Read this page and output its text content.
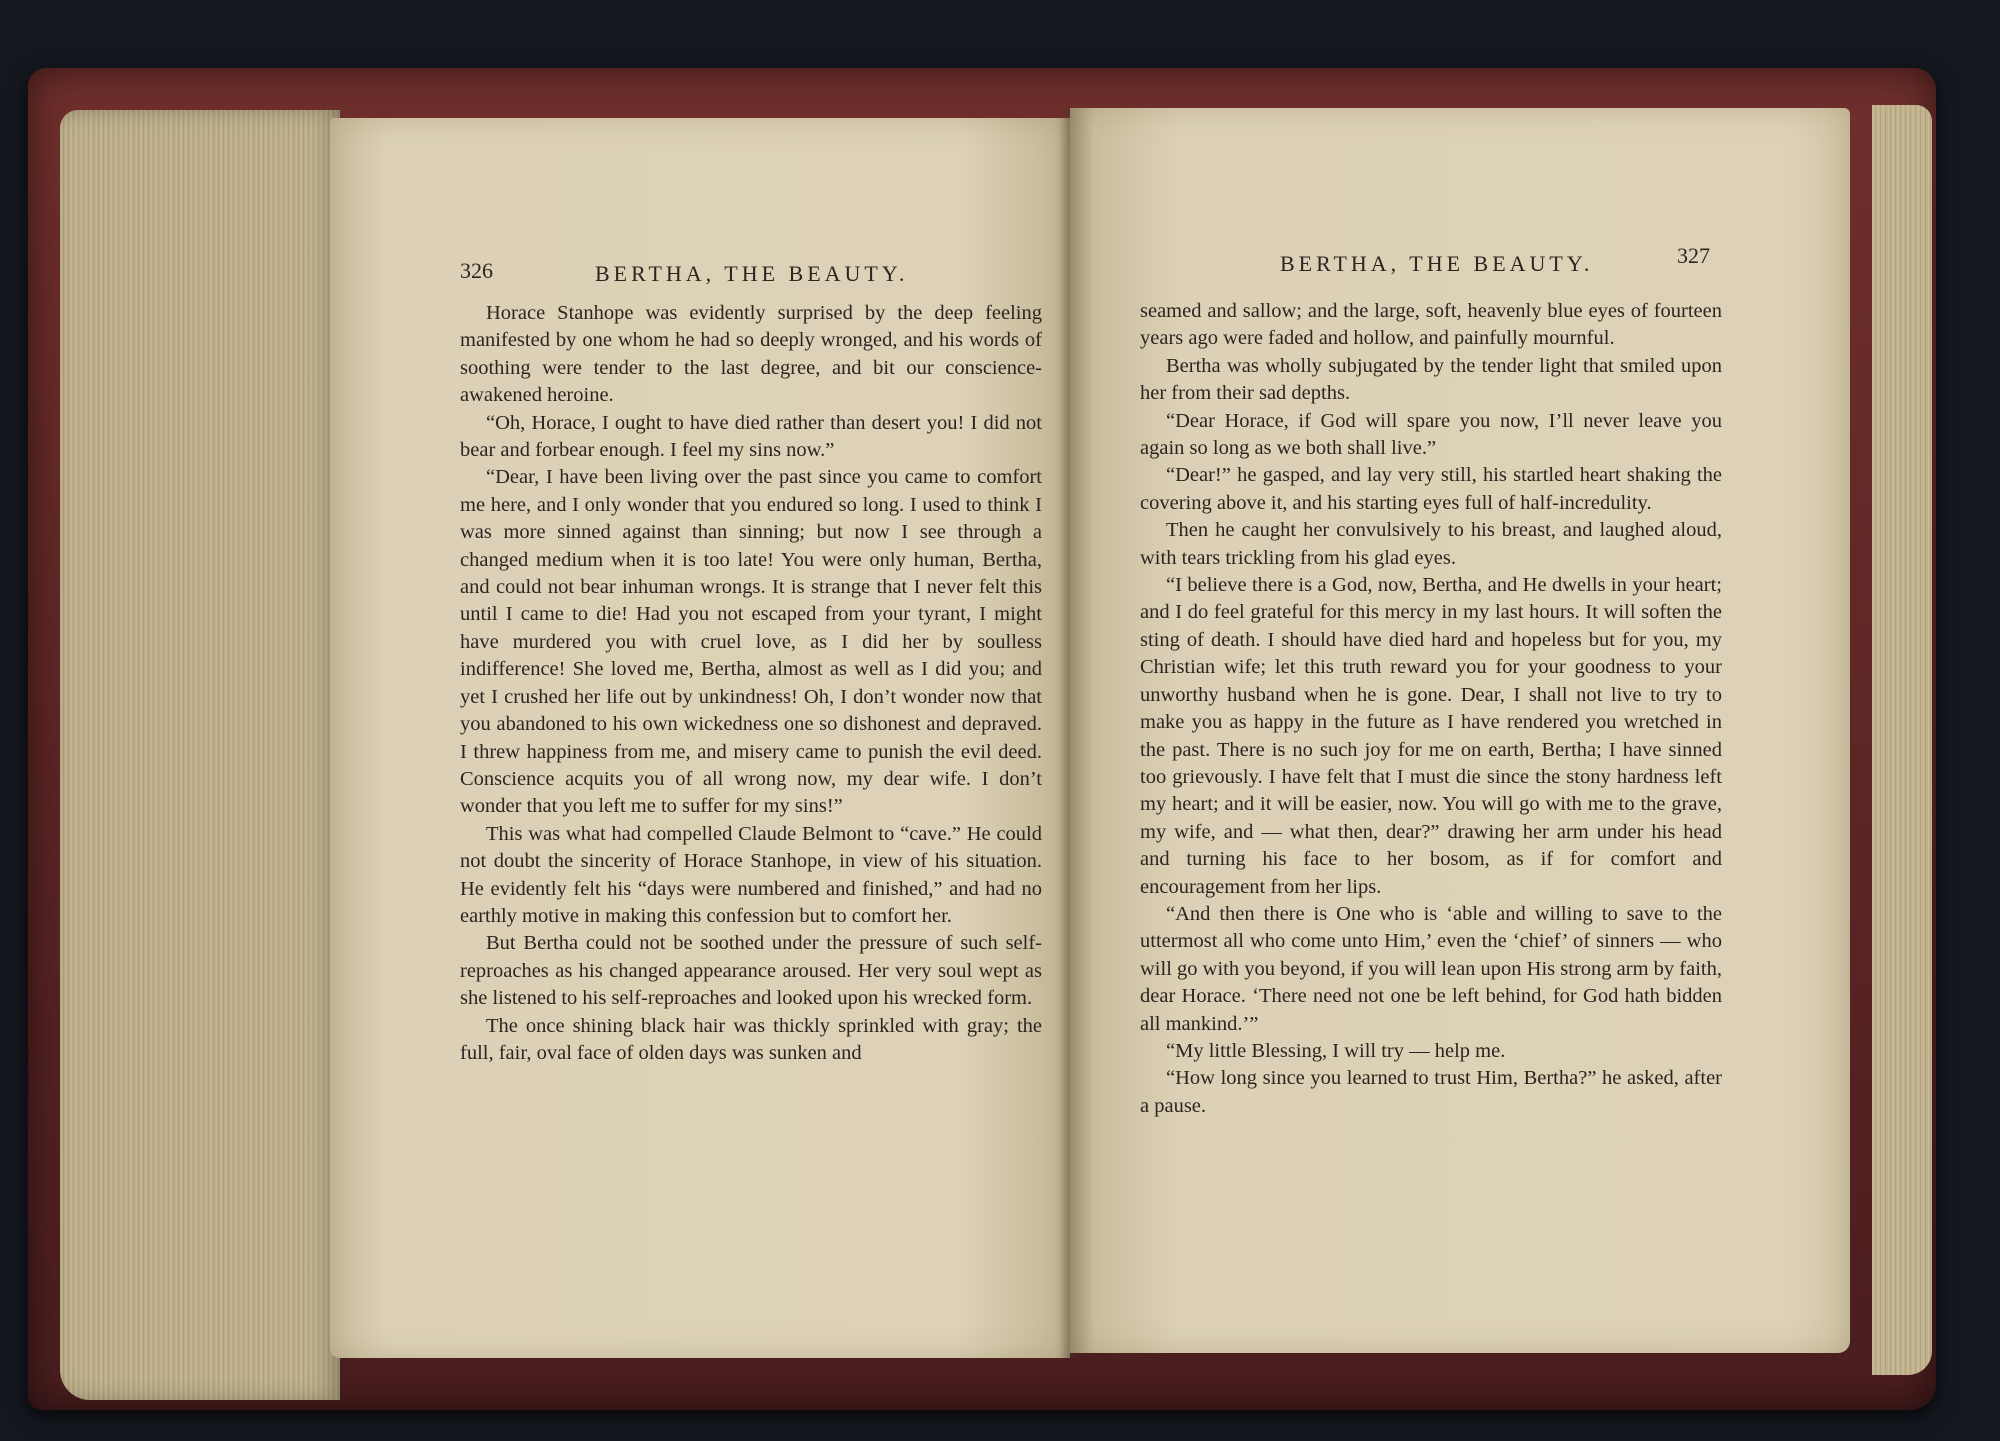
326	BERTHA, THE BEAUTY.

Horace Stanhope was evidently surprised by the deep feeling manifested by one whom he had so deeply wronged, and his words of soothing were tender to the last degree, and bit our conscience-awakened heroine.

“Oh, Horace, I ought to have died rather than desert you! I did not bear and forbear enough. I feel my sins now.”

“Dear, I have been living over the past since you came to comfort me here, and I only wonder that you endured so long. I used to think I was more sinned against than sinning; but now I see through a changed medium when it is too late! You were only human, Bertha, and could not bear inhuman wrongs. It is strange that I never felt this until I came to die! Had you not escaped from your tyrant, I might have murdered you with cruel love, as I did her by soulless indifference! She loved me, Bertha, almost as well as I did you; and yet I crushed her life out by unkindness! Oh, I don’t wonder now that you abandoned to his own wickedness one so dishonest and depraved. I threw happiness from me, and misery came to punish the evil deed. Conscience acquits you of all wrong now, my dear wife. I don’t wonder that you left me to suffer for my sins!”

This was what had compelled Claude Belmont to “cave.” He could not doubt the sincerity of Horace Stanhope, in view of his situation. He evidently felt his “days were numbered and finished,” and had no earthly motive in making this confession but to comfort her.

But Bertha could not be soothed under the pressure of such self-reproaches as his changed appearance aroused. Her very soul wept as she listened to his self-reproaches and looked upon his wrecked form.

The once shining black hair was thickly sprinkled with gray; the full, fair, oval face of olden days was sunken and

BERTHA, THE BEAUTY.	327

seamed and sallow; and the large, soft, heavenly blue eyes of fourteen years ago were faded and hollow, and painfully mournful.

Bertha was wholly subjugated by the tender light that smiled upon her from their sad depths.

“Dear Horace, if God will spare you now, I’ll never leave you again so long as we both shall live.”

“Dear!” he gasped, and lay very still, his startled heart shaking the covering above it, and his starting eyes full of half-incredulity.

Then he caught her convulsively to his breast, and laughed aloud, with tears trickling from his glad eyes.

“I believe there is a God, now, Bertha, and He dwells in your heart; and I do feel grateful for this mercy in my last hours. It will soften the sting of death. I should have died hard and hopeless but for you, my Christian wife; let this truth reward you for your goodness to your unworthy husband when he is gone. Dear, I shall not live to try to make you as happy in the future as I have rendered you wretched in the past. There is no such joy for me on earth, Bertha; I have sinned too grievously. I have felt that I must die since the stony hardness left my heart; and it will be easier, now. You will go with me to the grave, my wife, and — what then, dear?” drawing her arm under his head and turning his face to her bosom, as if for comfort and encouragement from her lips.

“And then there is One who is ‘able and willing to save to the uttermost all who come unto Him,’ even the ‘chief’ of sinners — who will go with you beyond, if you will lean upon His strong arm by faith, dear Horace. ‘There need not one be left behind, for God hath bidden all mankind.’”

“My little Blessing, I will try — help me.

“How long since you learned to trust Him, Bertha?” he asked, after a pause.
